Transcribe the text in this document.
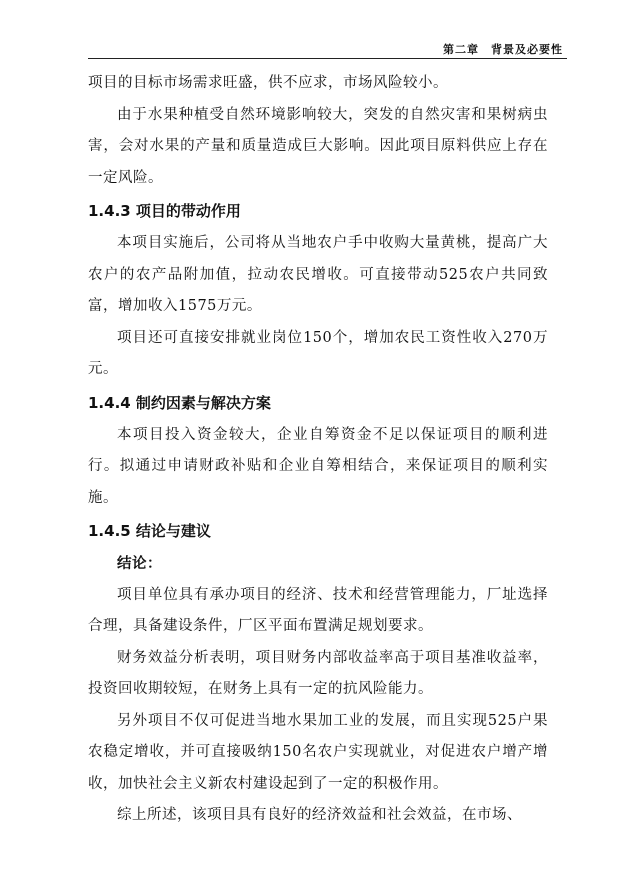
第二章　背景及必要性

项目的目标市场需求旺盛，供不应求，市场风险较小。

由于水果种植受自然环境影响较大，突发的自然灾害和果树病虫害，会对水果的产量和质量造成巨大影响。因此项目原料供应上存在一定风险。

1.4.3 项目的带动作用

本项目实施后，公司将从当地农户手中收购大量黄桃，提高广大农户的农产品附加值，拉动农民增收。可直接带动525农户共同致富，增加收入1575万元。

项目还可直接安排就业岗位150个，增加农民工资性收入270万元。

1.4.4 制约因素与解决方案

本项目投入资金较大，企业自筹资金不足以保证项目的顺利进行。拟通过申请财政补贴和企业自筹相结合，来保证项目的顺利实施。

1.4.5 结论与建议

结论：

项目单位具有承办项目的经济、技术和经营管理能力，厂址选择合理，具备建设条件，厂区平面布置满足规划要求。

财务效益分析表明，项目财务内部收益率高于项目基准收益率，投资回收期较短，在财务上具有一定的抗风险能力。

另外项目不仅可促进当地水果加工业的发展，而且实现525户果农稳定增收，并可直接吸纳150名农户实现就业，对促进农户增产增收，加快社会主义新农村建设起到了一定的积极作用。

综上所述，该项目具有良好的经济效益和社会效益，在市场、
